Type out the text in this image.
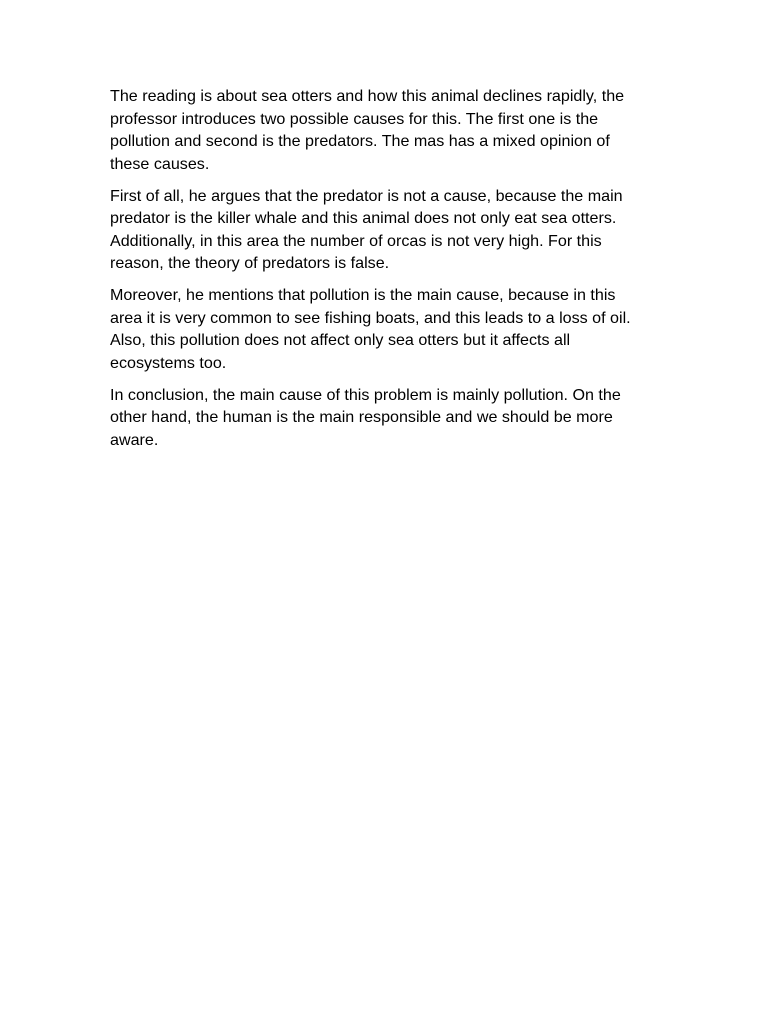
The reading is about sea otters and how this animal declines rapidly, the professor introduces two possible causes for this. The first one is the pollution and second is the predators. The mas has a mixed opinion of these causes.

First of all, he argues that the predator is not a cause, because the main predator is the killer whale and this animal does not only eat sea otters. Additionally, in this area the number of orcas is not very high. For this reason, the theory of predators is false.

Moreover, he mentions that pollution is the main cause, because in this area it is very common to see fishing boats, and this leads to a loss of oil. Also, this pollution does not affect only sea otters but it affects all ecosystems too.

In conclusion, the main cause of this problem is mainly pollution. On the other hand, the human is the main responsible and we should be more aware.
